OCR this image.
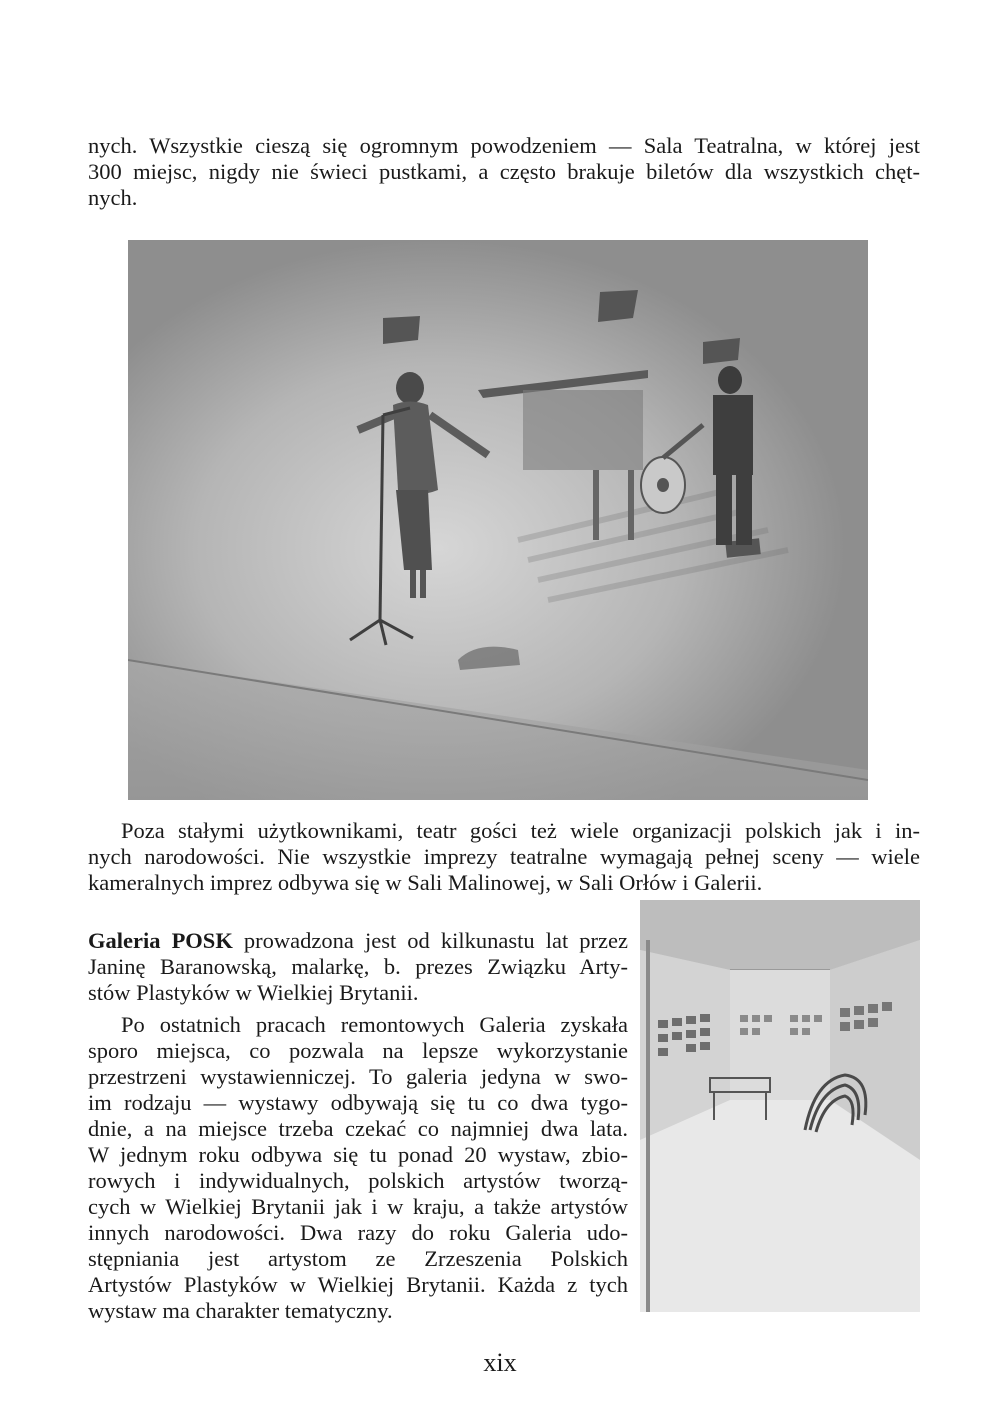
nych. Wszystkie cieszą się ogromnym powodzeniem — Sala Teatralna, w której jest
300 miejsc, nigdy nie świeci pustkami, a często brakuje biletów dla wszystkich chęt-
nych.
Poza stałymi użytkownikami, teatr gości też wiele organizacji polskich jak i in-
nych narodowości. Nie wszystkie imprezy teatralne wymagają pełnej sceny — wiele
kameralnych imprez odbywa się w Sali Malinowej, w Sali Orłów i Galerii.
Galeria POSK prowadzona jest od kilkunastu lat przez
Janinę Baranowską, malarkę, b. prezes Związku Arty-
stów Plastyków w Wielkiej Brytanii.
Po ostatnich pracach remontowych Galeria zyskała
sporo miejsca, co pozwala na lepsze wykorzystanie
przestrzeni wystawienniczej. To galeria jedyna w swo-
im rodzaju — wystawy odbywają się tu co dwa tygo-
dnie, a na miejsce trzeba czekać co najmniej dwa lata.
W jednym roku odbywa się tu ponad 20 wystaw, zbio-
rowych i indywidualnych, polskich artystów tworzą-
cych w Wielkiej Brytanii jak i w kraju, a także artystów
innych narodowości. Dwa razy do roku Galeria udo-
stępniania jest artystom ze Zrzeszenia Polskich
Artystów Plastyków w Wielkiej Brytanii. Każda z tych
wystaw ma charakter tematyczny.
xix
